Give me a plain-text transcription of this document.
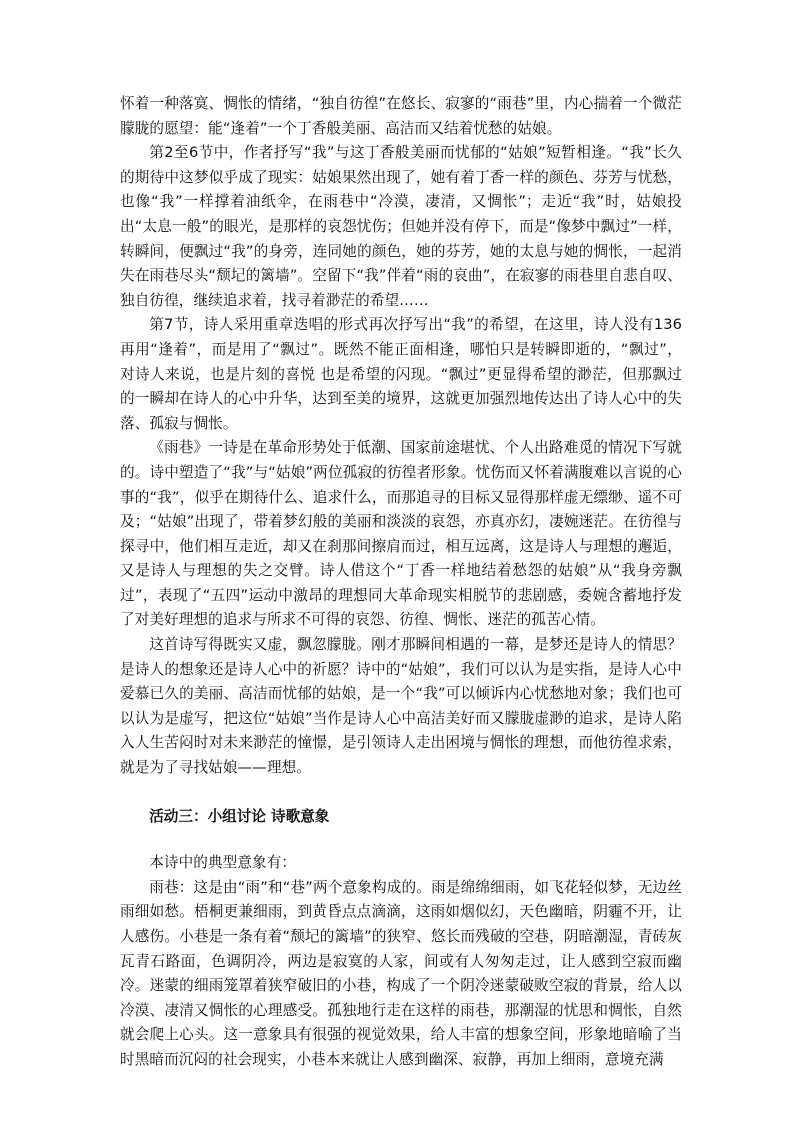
怀着一种落寞、惆怅的情绪，“独自彷徨”在悠长、寂寥的“雨巷”里，内心揣着一个微茫朦胧的愿望：能“逢着”一个丁香般美丽、高洁而又结着忧愁的姑娘。

第2至6节中，作者抒写“我”与这丁香般美丽而忧郁的“姑娘”短暂相逢。“我”长久的期待中这梦似乎成了现实：姑娘果然出现了，她有着丁香一样的颜色、芬芳与忧愁，也像“我”一样撑着油纸伞，在雨巷中“冷漠，凄清，又惆怅”；走近“我”时，姑娘投出“太息一般”的眼光，是那样的哀怨忧伤；但她并没有停下，而是“像梦中飘过”一样，转瞬间，便飘过“我”的身旁，连同她的颜色，她的芬芳，她的太息与她的惆怅，一起消失在雨巷尽头“颓圮的篱墙”。空留下“我”伴着“雨的哀曲”，在寂寥的雨巷里自悲自叹、独自彷徨，继续追求着，找寻着渺茫的希望……

第7节，诗人采用重章迭唱的形式再次抒写出“我”的希望，在这里，诗人没有136再用“逢着”，而是用了“飘过”。既然不能正面相逢，哪怕只是转瞬即逝的，“飘过”， 对诗人来说，也是片刻的喜悦 也是希望的闪现。“飘过”更显得希望的渺茫，但那飘过的一瞬却在诗人的心中升华，达到至美的境界，这就更加强烈地传达出了诗人心中的失落、孤寂与惆怅。

《雨巷》一诗是在革命形势处于低潮、国家前途堪忧、个人出路难觅的情况下写就的。诗中塑造了“我”与“姑娘”两位孤寂的彷徨者形象。忧伤而又怀着满腹难以言说的心事的“我”，似乎在期待什么、追求什么，而那追寻的目标又显得那样虚无缥缈、遥不可及；“姑娘”出现了，带着梦幻般的美丽和淡淡的哀怨，亦真亦幻，凄婉迷茫。在彷徨与探寻中，他们相互走近，却又在刹那间擦肩而过，相互远离，这是诗人与理想的邂逅，又是诗人与理想的失之交臂。诗人借这个“丁香一样地结着愁怨的姑娘”从“我身旁飘过”，表现了“五四”运动中激昂的理想同大革命现实相脱节的悲剧感，委婉含蓄地抒发了对美好理想的追求与所求不可得的哀怨、彷徨、惆怅、迷茫的孤苦心情。

这首诗写得既实又虚，飘忽朦胧。刚才那瞬间相遇的一幕，是梦还是诗人的情思？是诗人的想象还是诗人心中的祈愿？诗中的“姑娘”，我们可以认为是实指，是诗人心中爱慕已久的美丽、高洁而忧郁的姑娘，是一个“我”可以倾诉内心忧愁地对象；我们也可以认为是虚写，把这位“姑娘”当作是诗人心中高洁美好而又朦胧虚渺的追求，是诗人陷入人生苦闷时对未来渺茫的憧憬，是引领诗人走出困境与惆怅的理想，而他彷徨求索，就是为了寻找姑娘——理想。

活动三：小组讨论 诗歌意象

本诗中的典型意象有：

雨巷：这是由“雨”和“巷”两个意象构成的。雨是绵绵细雨，如飞花轻似梦，无边丝雨细如愁。梧桐更兼细雨，到黄昏点点滴滴，这雨如烟似幻，天色幽暗，阴霾不开，让人感伤。小巷是一条有着“颓圮的篱墙”的狭窄、悠长而残破的空巷，阴暗潮湿，青砖灰瓦青石路面，色调阴冷，两边是寂寞的人家，间或有人匆匆走过，让人感到空寂而幽冷。迷蒙的细雨笼罩着狭窄破旧的小巷，构成了一个阴冷迷蒙破败空寂的背景，给人以冷漠、凄清又惆怅的心理感受。孤独地行走在这样的雨巷，那潮湿的忧思和惆怅，自然就会爬上心头。这一意象具有很强的视觉效果，给人丰富的想象空间，形象地暗喻了当时黑暗而沉闷的社会现实，小巷本来就让人感到幽深、寂静，再加上细雨，意境充满
